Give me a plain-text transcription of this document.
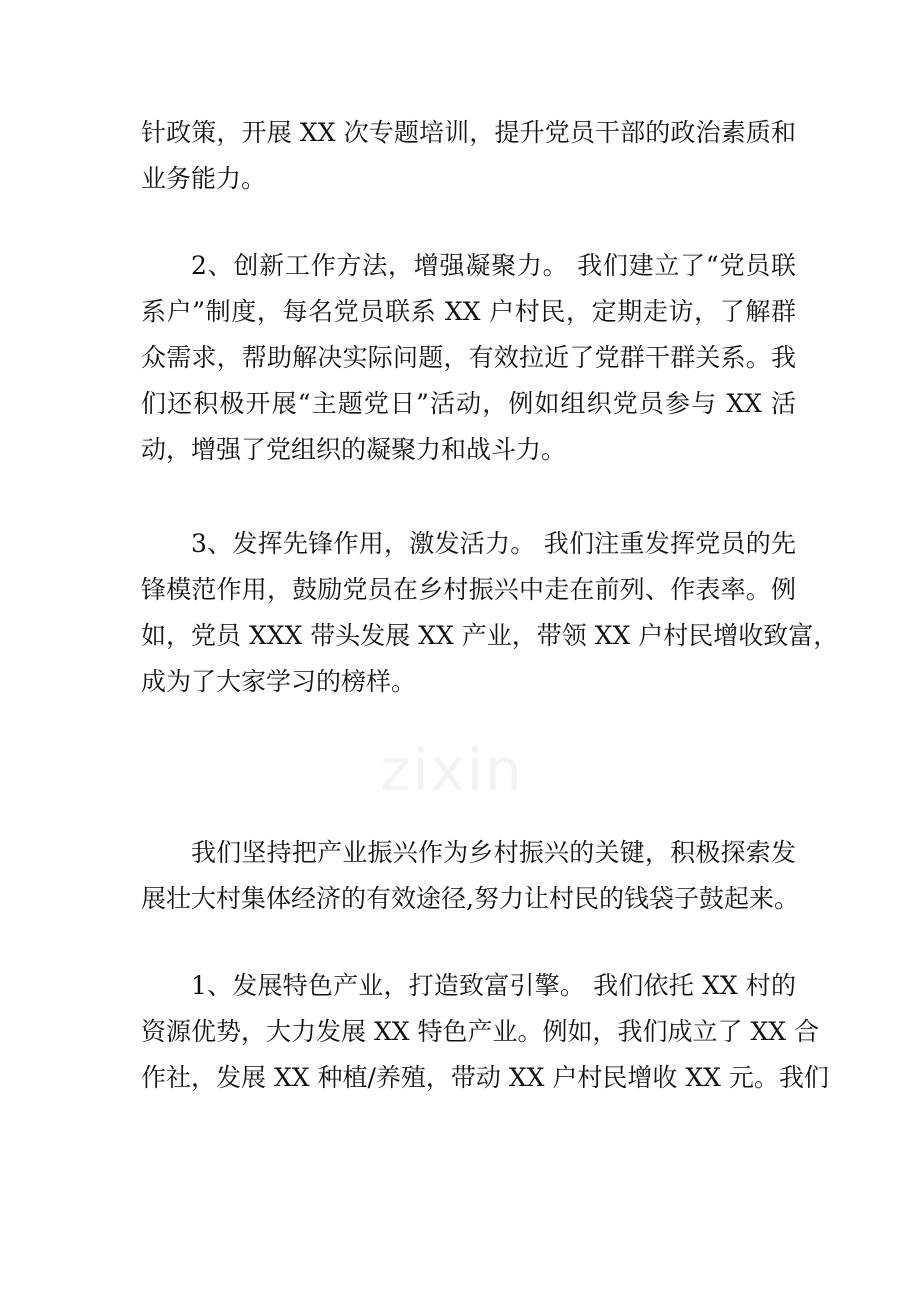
针政策，开展 XX 次专题培训，提升党员干部的政治素质和
业务能力。

2、创新工作方法，增强凝聚力。 我们建立了“党员联
系户”制度，每名党员联系 XX 户村民，定期走访，了解群
众需求，帮助解决实际问题，有效拉近了党群干群关系。我
们还积极开展“主题党日”活动，例如组织党员参与 XX 活
动，增强了党组织的凝聚力和战斗力。

3、发挥先锋作用，激发活力。 我们注重发挥党员的先
锋模范作用，鼓励党员在乡村振兴中走在前列、作表率。例
如，党员 XXX 带头发展 XX 产业，带领 XX 户村民增收致富，
成为了大家学习的榜样。

我们坚持把产业振兴作为乡村振兴的关键，积极探索发
展壮大村集体经济的有效途径,努力让村民的钱袋子鼓起来。

1、发展特色产业，打造致富引擎。 我们依托 XX 村的
资源优势，大力发展 XX 特色产业。例如，我们成立了 XX 合
作社，发展 XX 种植/养殖，带动 XX 户村民增收 XX 元。我们
